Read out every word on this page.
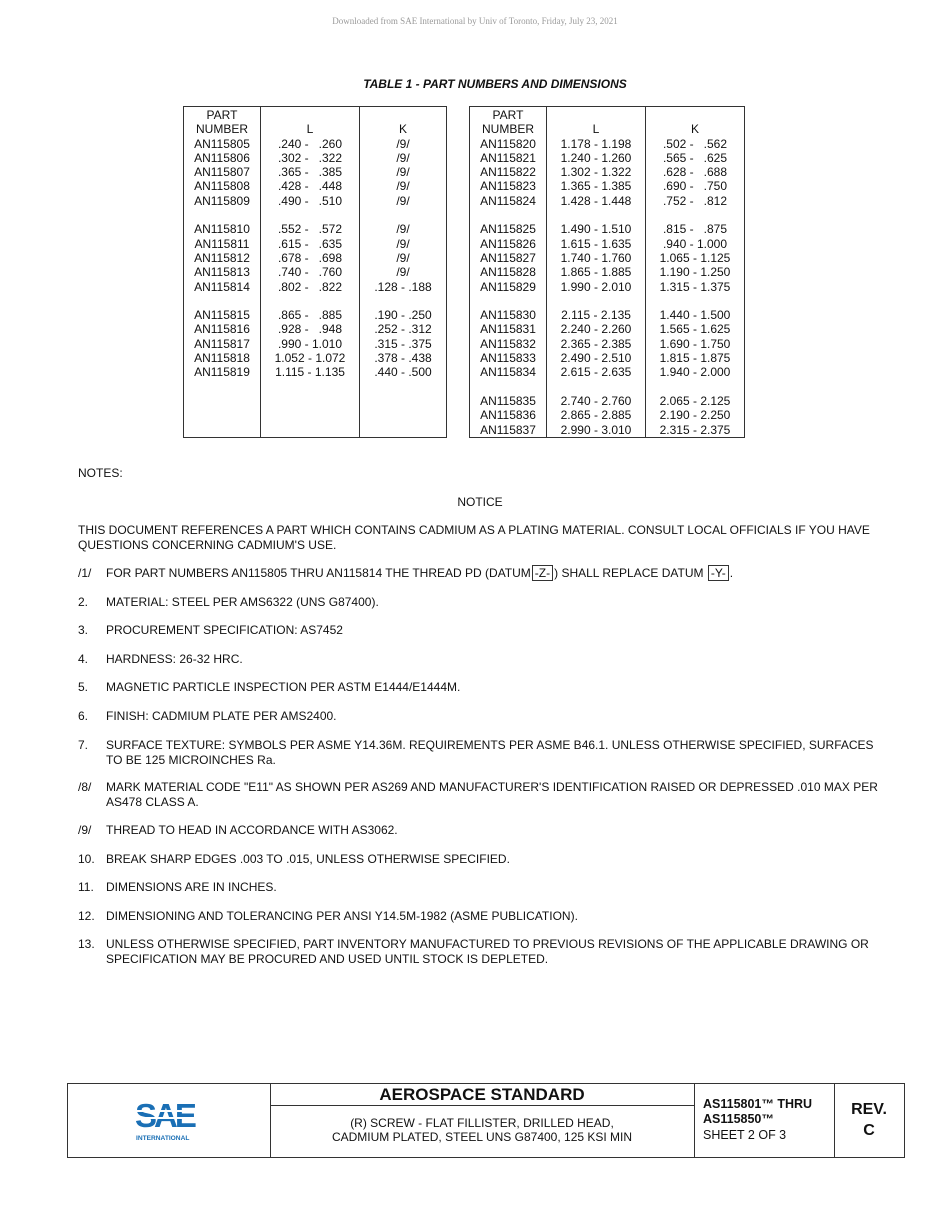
Downloaded from SAE International by Univ of Toronto, Friday, July 23, 2021
TABLE 1 - PART NUMBERS AND DIMENSIONS
PART
NUMBER	L	K

AN115805	.240 -   .260	/9/
AN115806	.302 -   .322	/9/
AN115807	.365 -   .385	/9/
AN115808	.428 -   .448	/9/
AN115809	.490 -   .510	/9/

AN115810	.552 -   .572	/9/
AN115811	.615 -   .635	/9/
AN115812	.678 -   .698	/9/
AN115813	.740 -   .760	/9/
AN115814	.802 -   .822	.128 - .188

AN115815	.865 -   .885	.190 - .250
AN115816	.928 -   .948	.252 - .312
AN115817	.990 - 1.010	.315 - .375
AN115818	1.052 - 1.072	.378 - .438
AN115819	1.115 - 1.135	.440 - .500

PART
NUMBER	L	K

AN115820	1.178 - 1.198	.502 -   .562
AN115821	1.240 - 1.260	.565 -   .625
AN115822	1.302 - 1.322	.628 -   .688
AN115823	1.365 - 1.385	.690 -   .750
AN115824	1.428 - 1.448	.752 -   .812

AN115825	1.490 - 1.510	.815 -   .875
AN115826	1.615 - 1.635	.940 - 1.000
AN115827	1.740 - 1.760	1.065 - 1.125
AN115828	1.865 - 1.885	1.190 - 1.250
AN115829	1.990 - 2.010	1.315 - 1.375

AN115830	2.115 - 2.135	1.440 - 1.500
AN115831	2.240 - 2.260	1.565 - 1.625
AN115832	2.365 - 2.385	1.690 - 1.750
AN115833	2.490 - 2.510	1.815 - 1.875
AN115834	2.615 - 2.635	1.940 - 2.000

AN115835	2.740 - 2.760	2.065 - 2.125
AN115836	2.865 - 2.885	2.190 - 2.250
AN115837	2.990 - 3.010	2.315 - 2.375
NOTES:
NOTICE
THIS DOCUMENT REFERENCES A PART WHICH CONTAINS CADMIUM AS A PLATING MATERIAL. CONSULT LOCAL OFFICIALS IF YOU HAVE QUESTIONS CONCERNING CADMIUM'S USE.
/1/ FOR PART NUMBERS AN115805 THRU AN115814 THE THREAD PD (DATUM -Z- ) SHALL REPLACE DATUM -Y- .
2. MATERIAL: STEEL PER AMS6322 (UNS G87400).
3. PROCUREMENT SPECIFICATION: AS7452
4. HARDNESS: 26-32 HRC.
5. MAGNETIC PARTICLE INSPECTION PER ASTM E1444/E1444M.
6. FINISH: CADMIUM PLATE PER AMS2400.
7. SURFACE TEXTURE: SYMBOLS PER ASME Y14.36M. REQUIREMENTS PER ASME B46.1. UNLESS OTHERWISE SPECIFIED, SURFACES TO BE 125 MICROINCHES Ra.
/8/ MARK MATERIAL CODE "E11" AS SHOWN PER AS269 AND MANUFACTURER'S IDENTIFICATION RAISED OR DEPRESSED .010 MAX PER AS478 CLASS A.
/9/ THREAD TO HEAD IN ACCORDANCE WITH AS3062.
10. BREAK SHARP EDGES .003 TO .015, UNLESS OTHERWISE SPECIFIED.
11. DIMENSIONS ARE IN INCHES.
12. DIMENSIONING AND TOLERANCING PER ANSI Y14.5M-1982 (ASME PUBLICATION).
13. UNLESS OTHERWISE SPECIFIED, PART INVENTORY MANUFACTURED TO PREVIOUS REVISIONS OF THE APPLICABLE DRAWING OR SPECIFICATION MAY BE PROCURED AND USED UNTIL STOCK IS DEPLETED.
SAE
INTERNATIONAL
AEROSPACE STANDARD
(R) SCREW - FLAT FILLISTER, DRILLED HEAD,
CADMIUM PLATED, STEEL UNS G87400, 125 KSI MIN
AS115801™ THRU
AS115850™
SHEET 2 OF 3
REV.
C
